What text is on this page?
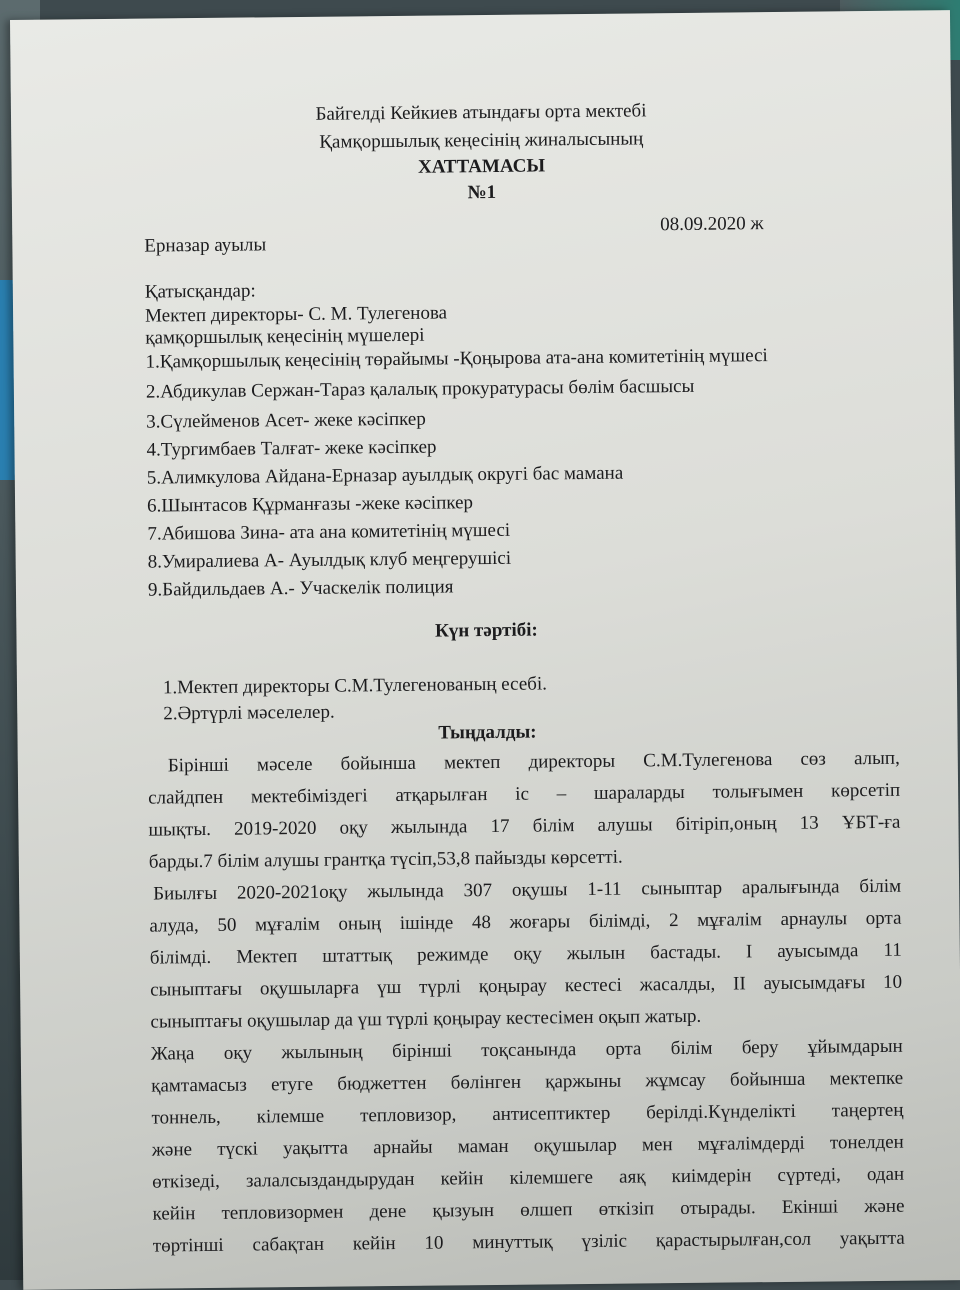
Байгелді Кейкиев атындағы орта мектебі
Қамқоршылық кеңесінің жиналысының
ХАТТАМАСЫ
№1
08.09.2020 ж
Ерназар ауылы
Қатысқандар:
Мектеп директоры- С. М. Тулегенова
қамқоршылық кеңесінің мүшелері
1.Қамқоршылық кеңесінің төрайымы -Қоңырова ата-ана комитетінің мүшесі
2.Абдикулав Сержан-Тараз қалалық прокуратурасы бөлім басшысы
3.Сүлейменов Асет- жеке кәсіпкер
4.Тургимбаев Талғат- жеке кәсіпкер
5.Алимкулова Айдана-Ерназар ауылдық округі бас мамана
6.Шынтасов Құрманғазы -жеке кәсіпкер
7.Абишова Зина- ата ана комитетінің мүшесі
8.Умиралиева А- Ауылдық клуб меңгерушісі
9.Байдильдаев А.- Учаскелік полиция
Күн тәртібі:
1.Мектеп директоры С.М.Тулегенованың есебі.
2.Әртүрлі мәселелер.
Тыңдалды:
Бірінші мәселе бойынша мектеп директоры С.М.Тулегенова сөз алып,
слайдпен мектебіміздегі атқарылған іс – шараларды толығымен көрсетіп
шықты. 2019-2020 оқу жылында 17 білім алушы бітіріп,оның 13 ҰБТ-ға
барды.7 білім алушы грантқа түсіп,53,8 пайызды көрсетті.
Биылғы 2020-2021оқу жылында 307 оқушы 1-11 сыныптар аралығында білім
алуда, 50 мұғалім оның ішінде 48 жоғары білімді, 2 мұғалім арнаулы орта
білімді. Мектеп штаттық режимде оқу жылын бастады. I ауысымда 11
сыныптағы оқушыларға үш түрлі қоңырау кестесі жасалды, II ауысымдағы 10
сыныптағы оқушылар да үш түрлі қоңырау кестесімен оқып жатыр.
Жаңа оқу жылының бірінші тоқсанында орта білім беру ұйымдарын
қамтамасыз етуге бюджеттен бөлінген қаржыны жұмсау бойынша мектепке
тоннель, кілемше тепловизор, антисептиктер берілді.Күнделікті таңертең
және түскі уақытта арнайы маман оқушылар мен мұғалімдерді тонелден
өткізеді, залалсыздандырудан кейін кілемшеге аяқ киімдерін сүртеді, одан
кейін тепловизормен дене қызуын өлшеп өткізіп отырады. Екінші және
төртінші сабақтан кейін 10 минуттық үзіліс қарастырылған,сол уақытта
